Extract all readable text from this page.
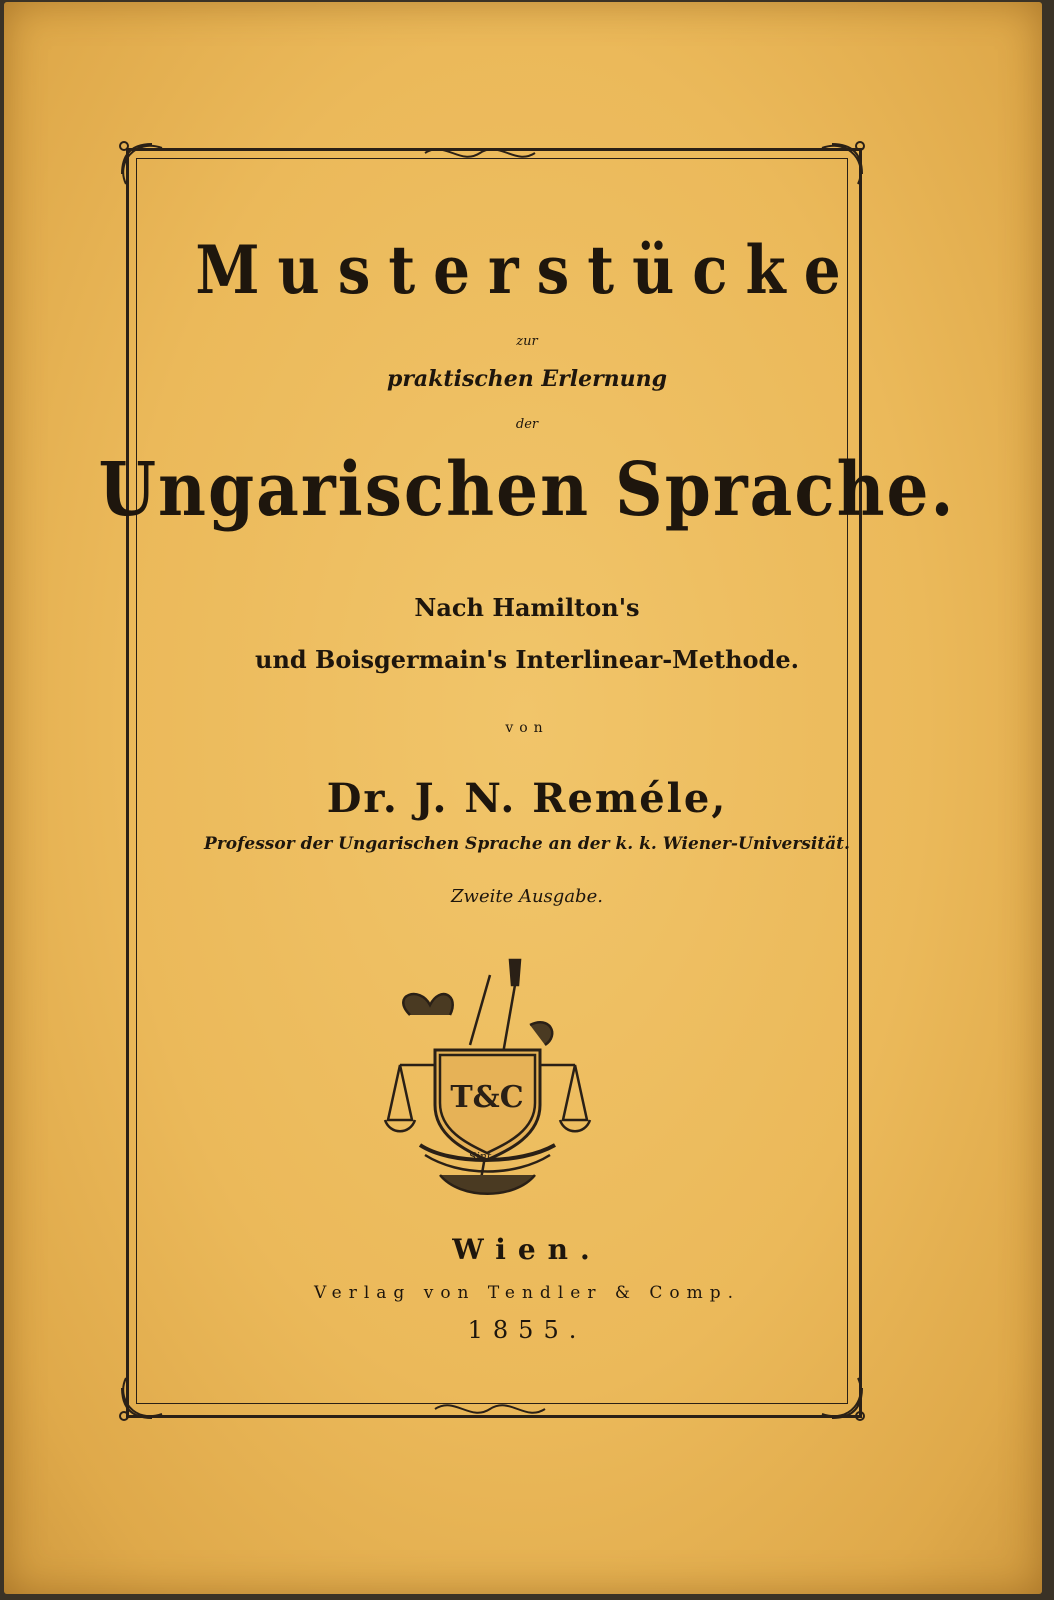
Musterstücke
zur
praktischen Erlernung
der
Ungarischen Sprache.
Nach Hamilton's
und Boisgermain's Interlinear-Methode.
von
Dr. J. N. Reméle,
Professor der Ungarischen Sprache an der k. k. Wiener-Universität.
Zweite Ausgabe.
T&C
Sint ...
Wien.
Verlag von Tendler & Comp.
1855.
